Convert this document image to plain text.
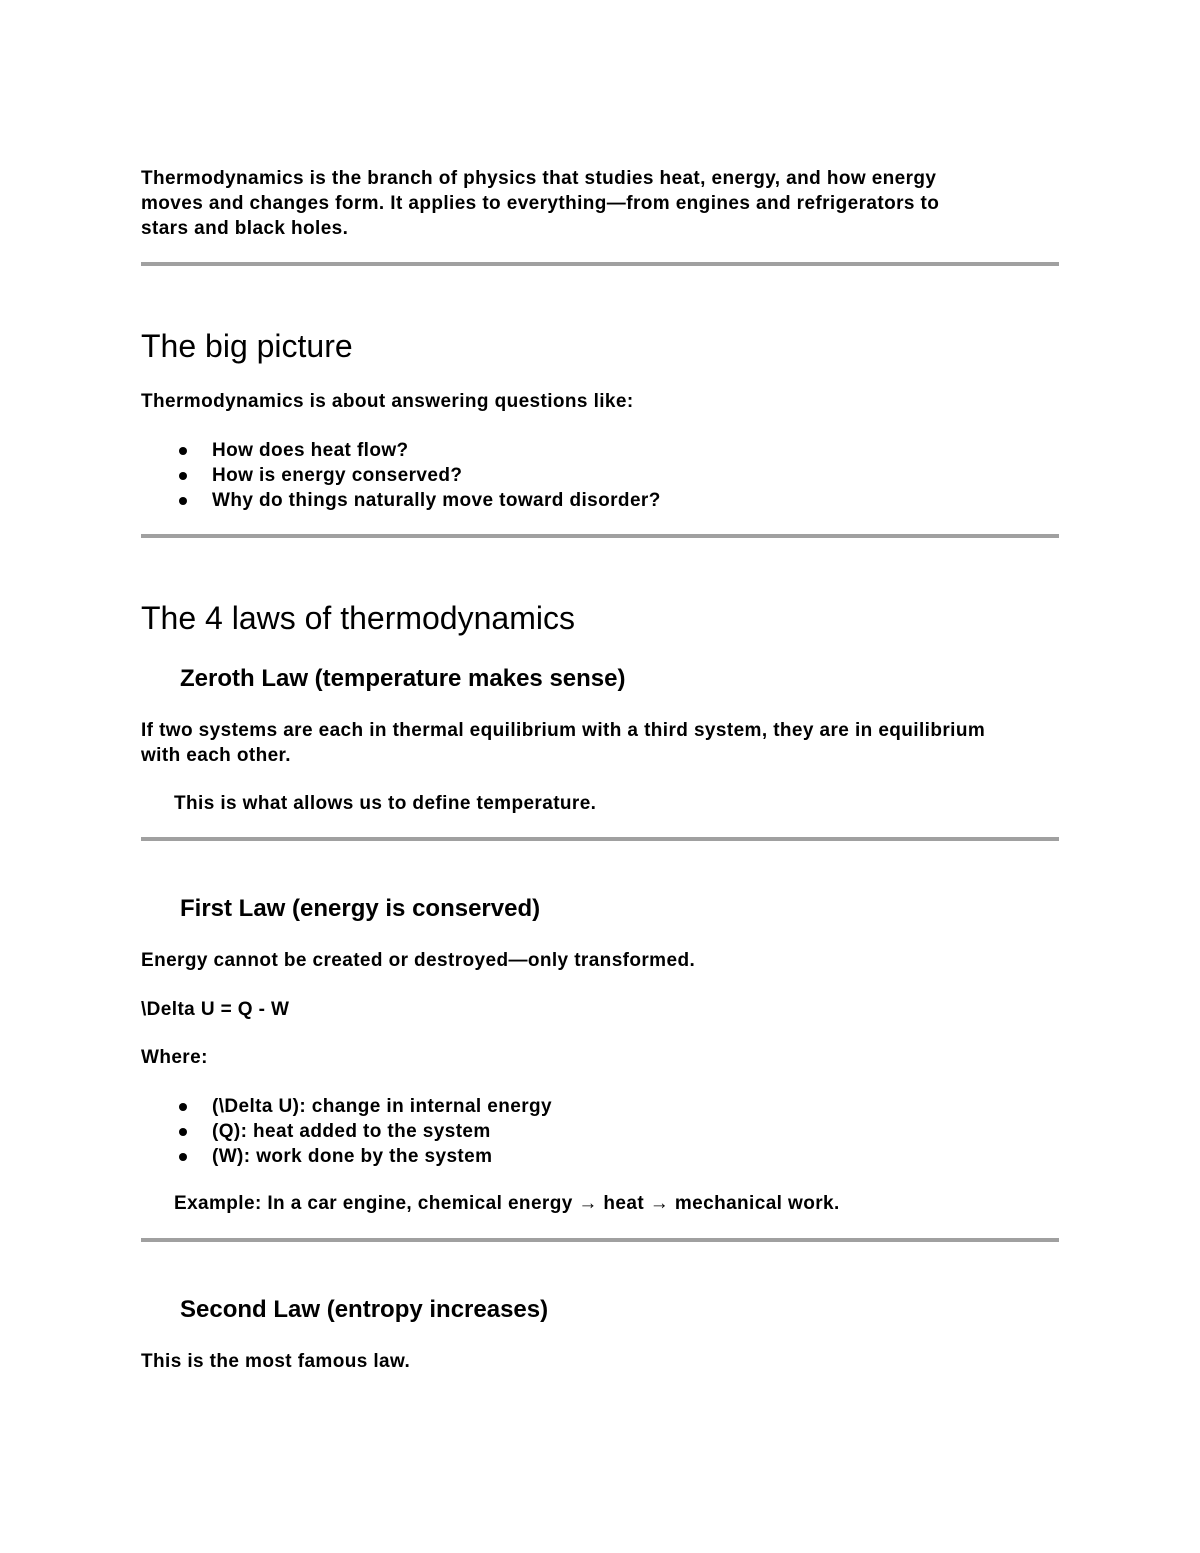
Thermodynamics is the branch of physics that studies heat, energy, and how energy
moves and changes form. It applies to everything—from engines and refrigerators to
stars and black holes.
The big picture

Thermodynamics is about answering questions like:

How does heat flow?
How is energy conserved?
Why do things naturally move toward disorder?
The 4 laws of thermodynamics
Zeroth Law (temperature makes sense)
If two systems are each in thermal equilibrium with a third system, they are in equilibrium
with each other.

This is what allows us to define temperature.

First Law (energy is conserved)

Energy cannot be created or destroyed—only transformed.

\Delta U = Q - W

Where:

(\Delta U): change in internal energy
(Q): heat added to the system
(W): work done by the system

Example: In a car engine, chemical energy → heat → mechanical work.

Second Law (entropy increases)

This is the most famous law.
